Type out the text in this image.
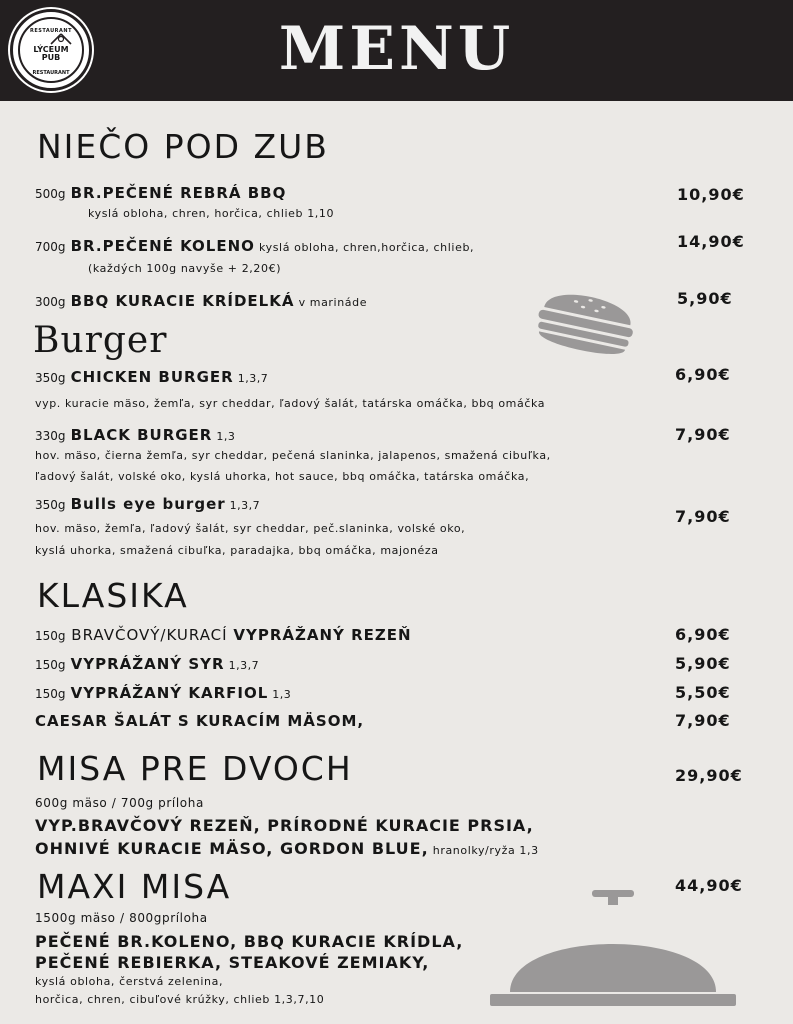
RESTAURANT
LÝCEUM
PUB
RESTAURANT	MENU
NIEČO POD ZUB
500g BR.PEČENÉ REBRÁ BBQ
kyslá obloha, chren, horčica, chlieb 1,10
10,90€
700g BR.PEČENÉ KOLENO kyslá obloha, chren,horčica, chlieb,
(každých 100g navyše + 2,20€)
14,90€
300g BBQ KURACIE KRÍDELKÁ v marináde	5,90€
Burger
350g CHICKEN BURGER 1,3,7
vyp. kuracie mäso, žemľa, syr cheddar, ľadový šalát, tatárska omáčka, bbq omáčka
6,90€
330g BLACK BURGER 1,3
hov. mäso, čierna žemľa, syr cheddar, pečená slaninka, jalapenos, smažená cibuľka,
ľadový šalát, volské oko, kyslá uhorka, hot sauce, bbq omáčka, tatárska omáčka,
7,90€
350g Bulls eye burger 1,3,7
hov. mäso, žemľa, ľadový šalát, syr cheddar, peč.slaninka, volské oko,
kyslá uhorka, smažená cibuľka, paradajka, bbq omáčka, majonéza
7,90€
KLASIKA
150g BRAVČOVÝ/KURACÍ VYPRÁŽANÝ REZEŇ	6,90€
150g VYPRÁŽANÝ SYR 1,3,7	5,90€
150g VYPRÁŽANÝ KARFIOL 1,3	5,50€
CAESAR ŠALÁT S KURACÍM MÄSOM,	7,90€
MISA PRE DVOCH	29,90€
600g mäso / 700g príloha
VYP.BRAVČOVÝ REZEŇ, PRÍRODNÉ KURACIE PRSIA,
OHNIVÉ KURACIE MÄSO, GORDON BLUE, hranolky/ryža 1,3
MAXI MISA	44,90€
1500g mäso / 800gpríloha
PEČENÉ BR.KOLENO, BBQ KURACIE KRÍDLA,
PEČENÉ REBIERKA, STEAKOVÉ ZEMIAKY,
kyslá obloha, čerstvá zelenina,
horčica, chren, cibuľové krúžky, chlieb 1,3,7,10
